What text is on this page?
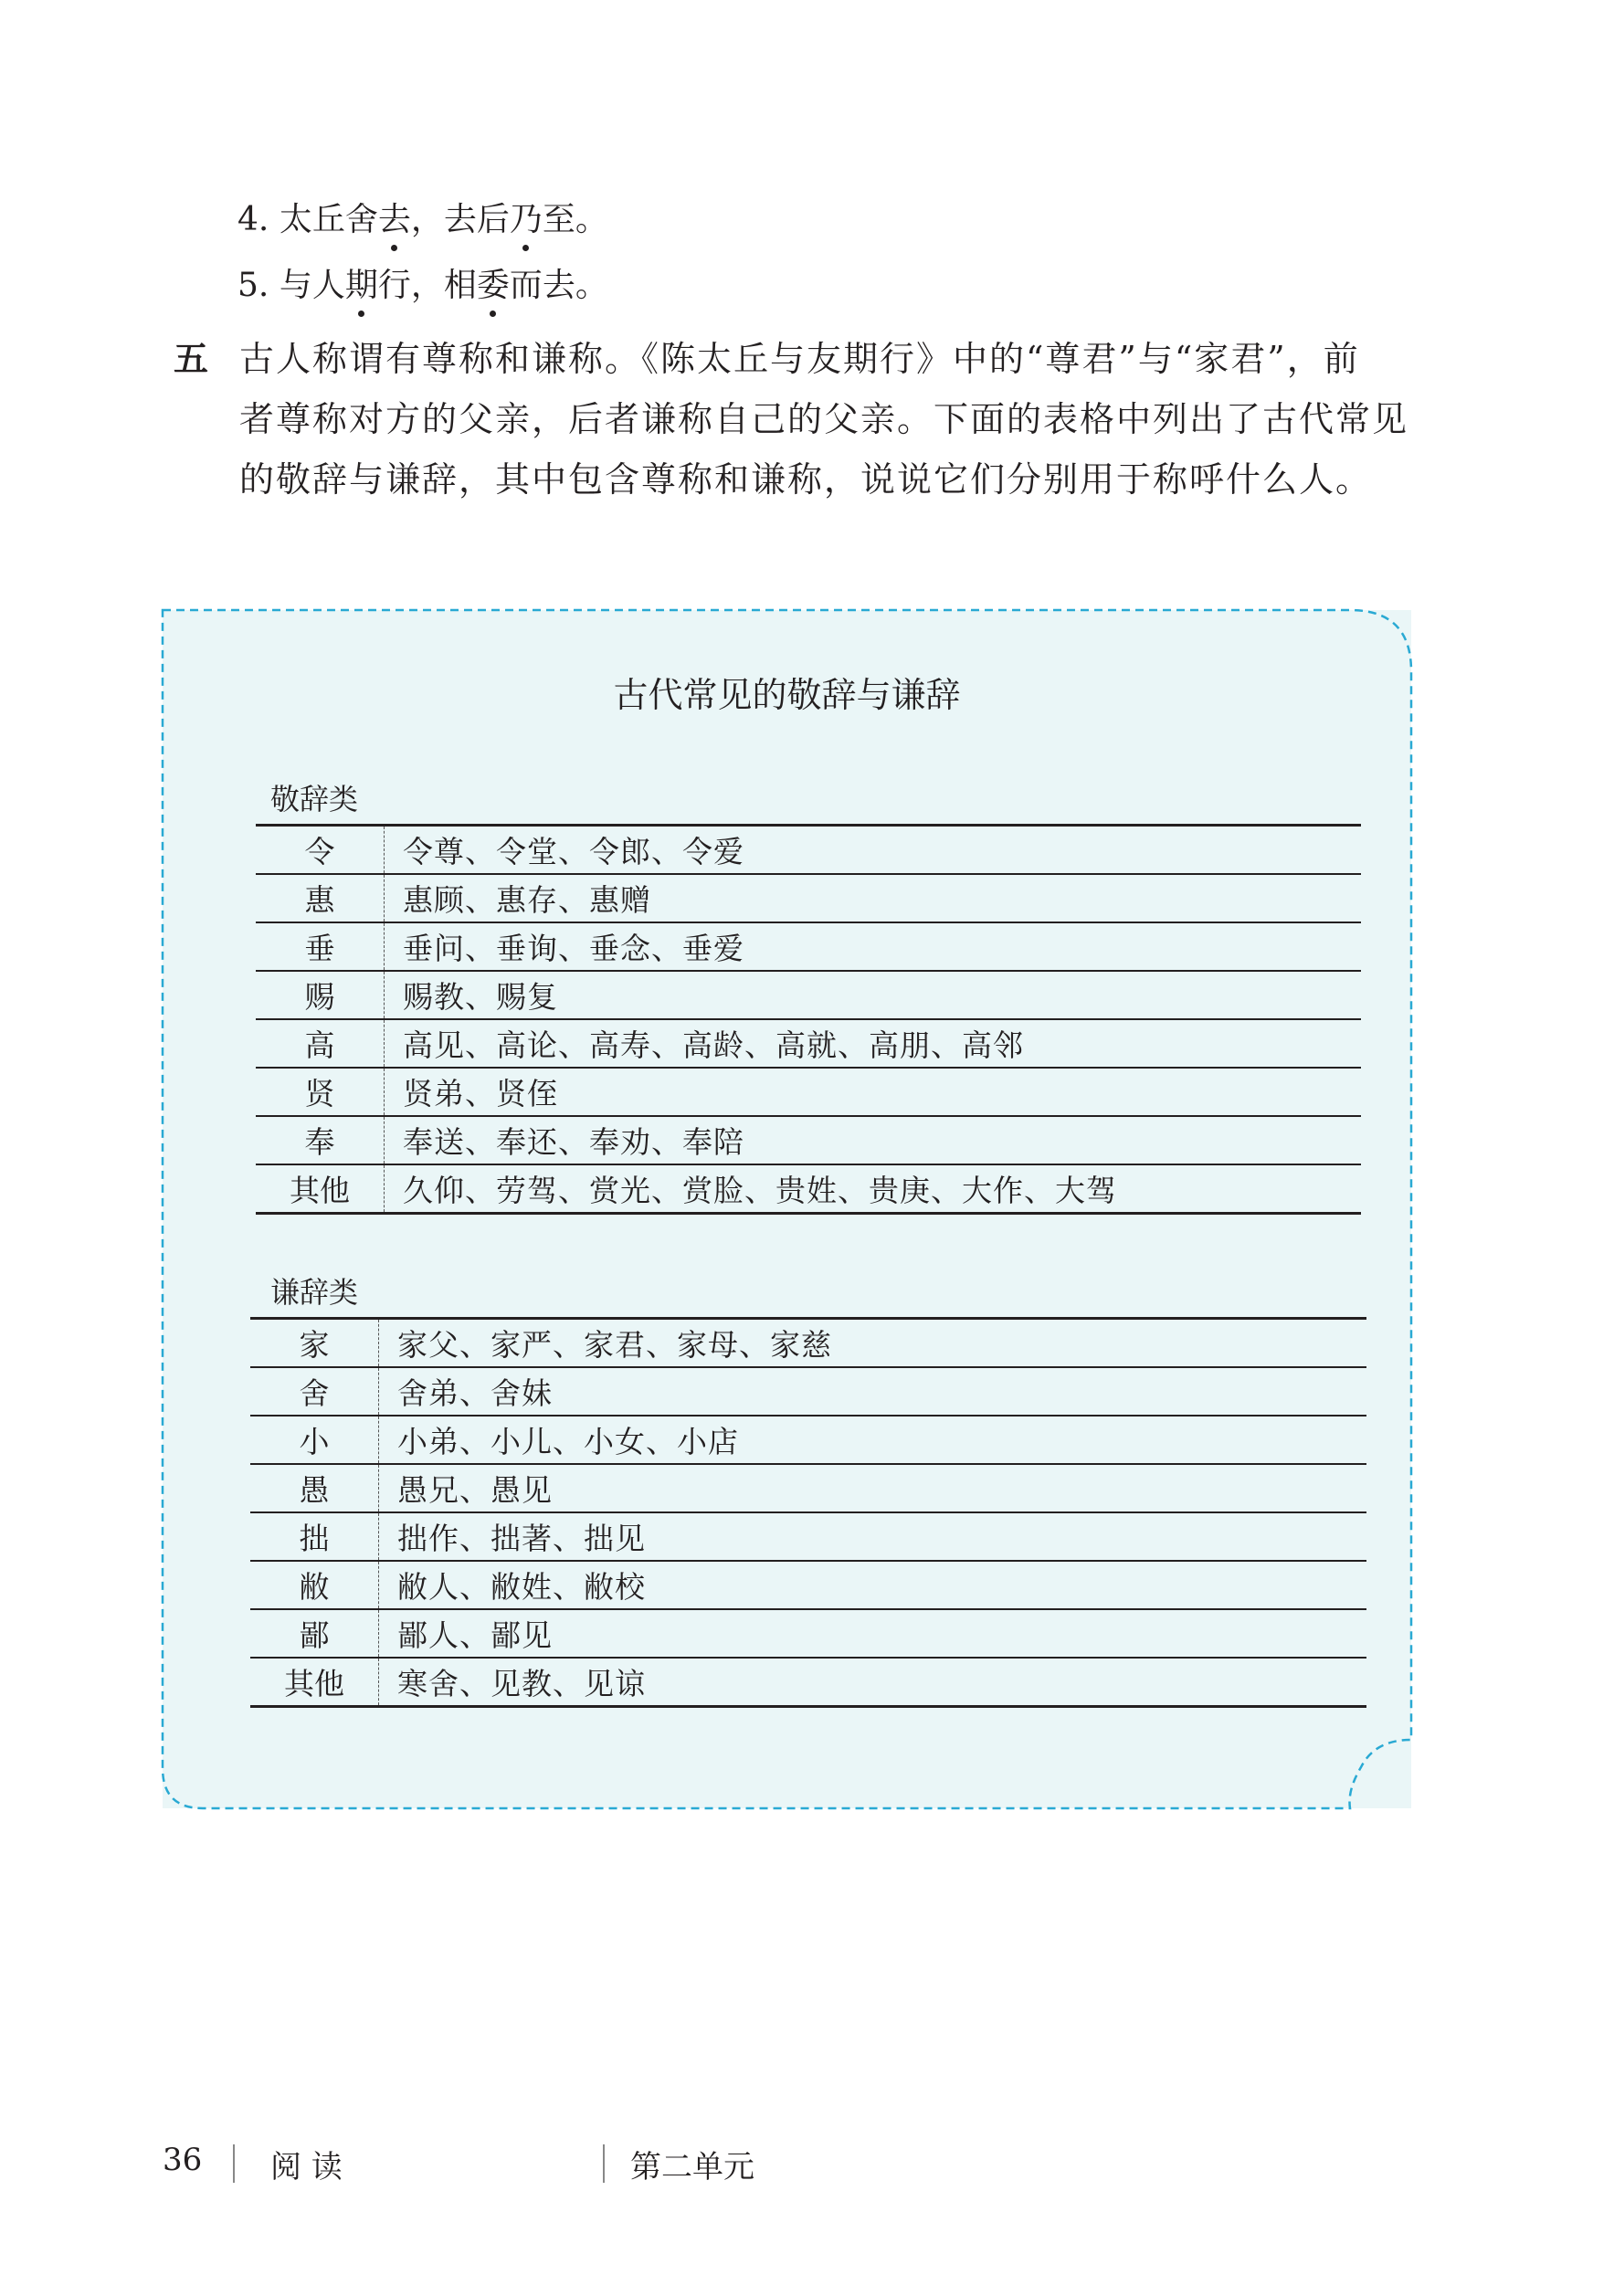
4. 太丘舍去，去后乃至。
5. 与人期行，相委而去。
五 古人称谓有尊称和谦称。《陈太丘与友期行》中的“尊君”与“家君”，前
者尊称对方的父亲，后者谦称自己的父亲。下面的表格中列出了古代常见
的敬辞与谦辞，其中包含尊称和谦称，说说它们分别用于称呼什么人。
古代常见的敬辞与谦辞
敬辞类
令	令尊、令堂、令郎、令爱
惠	惠顾、惠存、惠赠
垂	垂问、垂询、垂念、垂爱
赐	赐教、赐复
高	高见、高论、高寿、高龄、高就、高朋、高邻
贤	贤弟、贤侄
奉	奉送、奉还、奉劝、奉陪
其他	久仰、劳驾、赏光、赏脸、贵姓、贵庚、大作、大驾
谦辞类
家	家父、家严、家君、家母、家慈
舍	舍弟、舍妹
小	小弟、小儿、小女、小店
愚	愚兄、愚见
拙	拙作、拙著、拙见
敝	敝人、敝姓、敝校
鄙	鄙人、鄙见
其他	寒舍、见教、见谅
36 阅 读	第二单元
